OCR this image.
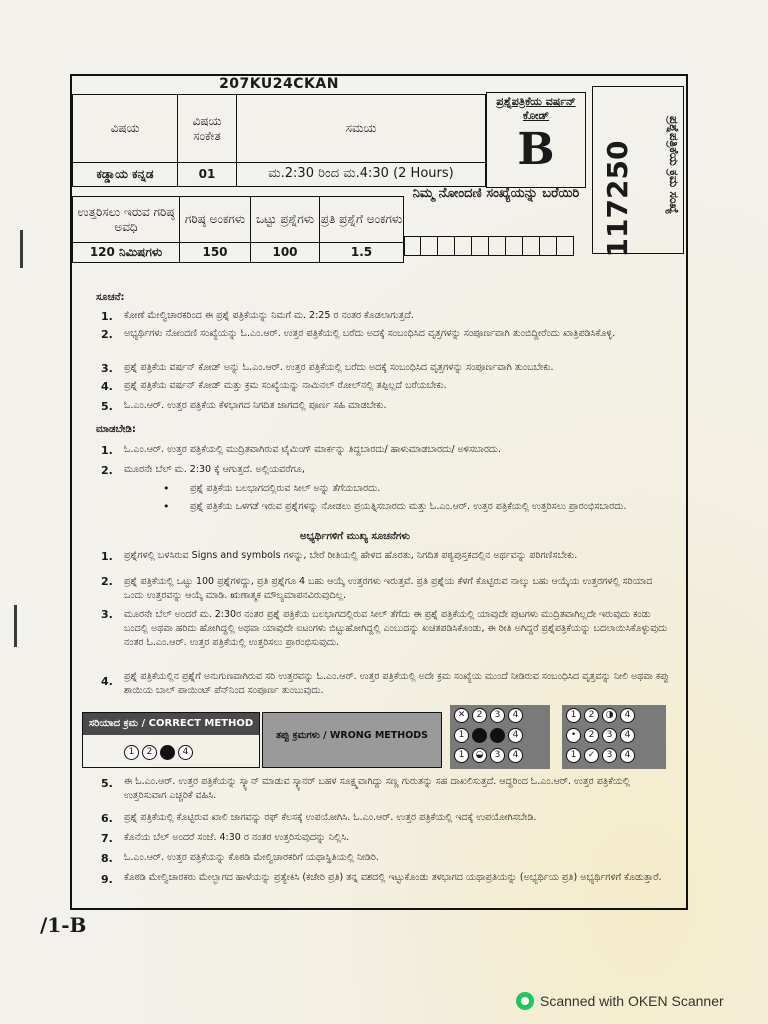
207KU24CKAN
ವಿಷಯ	ವಿಷಯ ಸಂಕೇತ	ಸಮಯ
ಕಡ್ಡಾಯ ಕನ್ನಡ	01	ಮ.2:30 ರಿಂದ ಮ.4:30 (2 Hours)
ಉತ್ತರಿಸಲು ಇರುವ ಗರಿಷ್ಠ ಅವಧಿ	ಗರಿಷ್ಠ ಅಂಕಗಳು	ಒಟ್ಟು ಪ್ರಶ್ನೆಗಳು	ಪ್ರತಿ ಪ್ರಶ್ನೆಗೆ ಅಂಕಗಳು
120 ನಿಮಿಷಗಳು	150	100	1.5
ನಿಮ್ಮ ನೋಂದಣಿ ಸಂಖ್ಯೆಯನ್ನು ಬರೆಯಿರಿ
ಪ್ರಶ್ನೆಪತ್ರಿಕೆಯ ವರ್ಷನ್ ಕೋಡ್
B	117250	ಪ್ರಶ್ನೆಪತ್ರಿಕೆಯ ಕ್ರಮ ಸಂಖ್ಯೆ
ಸೂಚನೆ:
1. ಕೋಣೆ ಮೇಲ್ವಿಚಾರಕರಿಂದ ಈ ಪ್ರಶ್ನೆ ಪತ್ರಿಕೆಯನ್ನು ನಿಮಗೆ ಮ. 2:25 ರ ನಂತರ ಕೊಡಲಾಗುತ್ತದೆ.
2. ಅಭ್ಯರ್ಥಿಗಳು ನೋಂದಣಿ ಸಂಖ್ಯೆಯನ್ನು ಓ.ಎಂ.ಆರ್. ಉತ್ತರ ಪತ್ರಿಕೆಯಲ್ಲಿ ಬರೆದು ಅದಕ್ಕೆ ಸಂಬಂಧಿಸಿದ ವೃತ್ತಗಳನ್ನು ಸಂಪೂರ್ಣವಾಗಿ ತುಂಬಿದ್ದೀರೆಂದು ಖಾತ್ರಿಪಡಿಸಿಕೊಳ್ಳಿ.
3. ಪ್ರಶ್ನೆ ಪತ್ರಿಕೆಯ ವರ್ಷನ್ ಕೋಡ್ ಅನ್ನು ಓ.ಎಂ.ಆರ್. ಉತ್ತರ ಪತ್ರಿಕೆಯಲ್ಲಿ ಬರೆದು ಅದಕ್ಕೆ ಸಂಬಂಧಿಸಿದ ವೃತ್ತಗಳನ್ನು ಸಂಪೂರ್ಣವಾಗಿ ತುಂಬಬೇಕು.
4. ಪ್ರಶ್ನೆ ಪತ್ರಿಕೆಯ ವರ್ಷನ್ ಕೋಡ್ ಮತ್ತು ಕ್ರಮ ಸಂಖ್ಯೆಯನ್ನು ನಾಮಿನಲ್ ರೋಲ್‌ನಲ್ಲಿ ತಪ್ಪಿಲ್ಲದೆ ಬರೆಯಬೇಕು.
5. ಓ.ಎಂ.ಆರ್. ಉತ್ತರ ಪತ್ರಿಕೆಯ ಕೆಳಭಾಗದ ನಿಗದಿತ ಜಾಗದಲ್ಲಿ ಪೂರ್ಣ ಸಹಿ ಮಾಡಬೇಕು.
ಮಾಡಬೇಡಿ:
1. ಓ.ಎಂ.ಆರ್. ಉತ್ತರ ಪತ್ರಿಕೆಯಲ್ಲಿ ಮುದ್ರಿತವಾಗಿರುವ ಟೈಮಿಂಗ್ ಮಾರ್ಕನ್ನು ತಿದ್ದಬಾರದು/ ಹಾಳುಮಾಡಬಾರದು/ ಅಳಿಸಬಾರದು.
2. ಮೂರನೇ ಬೆಲ್ ಮ. 2:30 ಕ್ಕೆ ಆಗುತ್ತದೆ. ಅಲ್ಲಿಯವರೆಗೂ,
• ಪ್ರಶ್ನೆ ಪತ್ರಿಕೆಯ ಬಲಭಾಗದಲ್ಲಿರುವ ಸೀಲ್ ಅನ್ನು ತೆಗೆಯಬಾರದು.
• ಪ್ರಶ್ನೆ ಪತ್ರಿಕೆಯ ಒಳಗಡೆ ಇರುವ ಪ್ರಶ್ನೆಗಳನ್ನು ನೋಡಲು ಪ್ರಯತ್ನಿಸಬಾರದು ಮತ್ತು ಓ.ಎಂ.ಆರ್. ಉತ್ತರ ಪತ್ರಿಕೆಯಲ್ಲಿ ಉತ್ತರಿಸಲು ಪ್ರಾರಂಭಿಸಬಾರದು.
ಅಭ್ಯರ್ಥಿಗಳಿಗೆ ಮುಖ್ಯ ಸೂಚನೆಗಳು
1. ಪ್ರಶ್ನೆಗಳಲ್ಲಿ ಬಳಸಿರುವ Signs and symbols ಗಳನ್ನು, ಬೇರೆ ರೀತಿಯಲ್ಲಿ ಹೇಳದ ಹೊರತು, ನಿಗದಿತ ಪಠ್ಯಪುಸ್ತಕದಲ್ಲಿನ ಅರ್ಥವನ್ನು ಪರಿಗಣಿಸಬೇಕು.
2. ಪ್ರಶ್ನೆ ಪತ್ರಿಕೆಯಲ್ಲಿ ಒಟ್ಟು 100 ಪ್ರಶ್ನೆಗಳಿದ್ದು, ಪ್ರತಿ ಪ್ರಶ್ನೆಗೂ 4 ಬಹು ಆಯ್ಕೆ ಉತ್ತರಗಳು ಇರುತ್ತವೆ. ಪ್ರತಿ ಪ್ರಶ್ನೆಯ ಕೆಳಗೆ ಕೊಟ್ಟಿರುವ ನಾಲ್ಕು ಬಹು ಆಯ್ಕೆಯ ಉತ್ತರಗಳಲ್ಲಿ ಸರಿಯಾದ ಒಂದು ಉತ್ತರವನ್ನು ಆಯ್ಕೆ ಮಾಡಿ. ಋಣಾತ್ಮಕ ಮೌಲ್ಯಮಾಪನವಿರುವುದಿಲ್ಲ.
3. ಮೂರನೇ ಬೆಲ್ ಅಂದರೆ ಮ. 2:30ರ ನಂತರ ಪ್ರಶ್ನೆ ಪತ್ರಿಕೆಯ ಬಲಭಾಗದಲ್ಲಿರುವ ಸೀಲ್ ತೆಗೆದು ಈ ಪ್ರಶ್ನೆ ಪತ್ರಿಕೆಯಲ್ಲಿ ಯಾವುದೇ ಪುಟಗಳು ಮುದ್ರಿತವಾಗಿಲ್ಲದೇ ಇರುವುದು ಕಂಡು ಬಂದಲ್ಲಿ ಅಥವಾ ಹರಿದು ಹೋಗಿದ್ದಲ್ಲಿ ಅಥವಾ ಯಾವುದೇ ಐಟಂಗಳು ಬಿಟ್ಟುಹೋಗಿದ್ದಲ್ಲಿ ಎಂಬುದನ್ನು ಖಚಿತಪಡಿಸಿಕೊಂಡು, ಈ ರೀತಿ ಅಗಿದ್ದರೆ ಪ್ರಶ್ನೆಪತ್ರಿಕೆಯನ್ನು ಬದಲಾಯಿಸಿಕೊಳ್ಳುವುದು ನಂತರ ಓ.ಎಂ.ಆರ್. ಉತ್ತರ ಪತ್ರಿಕೆಯಲ್ಲಿ ಉತ್ತರಿಸಲು ಪ್ರಾರಂಭಿಸುವುದು.
4. ಪ್ರಶ್ನೆ ಪತ್ರಿಕೆಯಲ್ಲಿನ ಪ್ರಶ್ನೆಗೆ ಅನುಗುಣವಾಗಿರುವ ಸರಿ ಉತ್ತರವನ್ನು ಓ.ಎಂ.ಆರ್. ಉತ್ತರ ಪತ್ರಿಕೆಯಲ್ಲಿ ಅದೇ ಕ್ರಮ ಸಂಖ್ಯೆಯ ಮುಂದೆ ನೀಡಿರುವ ಸಂಬಂಧಿಸಿದ ವೃತ್ತವನ್ನು ನೀಲಿ ಅಥವಾ ಕಪ್ಪು ಶಾಯಿಯ ಬಾಲ್ ಪಾಯಿಂಟ್ ಪೆನ್‌ನಿಂದ ಸಂಪೂರ್ಣ ತುಂಬುವುದು.
ಸರಿಯಾದ ಕ್ರಮ / CORRECT METHOD
1	2	4
ತಪ್ಪು ಕ್ರಮಗಳು / WRONG METHODS
✕	2	3	4
1	4
1	◒	3	4
1	2	◑	4
•	2	3	4
1	✓	3	4
5. ಈ ಓ.ಎಂ.ಆರ್. ಉತ್ತರ ಪತ್ರಿಕೆಯನ್ನು ಸ್ಕ್ಯಾನ್ ಮಾಡುವ ಸ್ಕ್ಯಾನರ್ ಬಹಳ ಸೂಕ್ಷ್ಮವಾಗಿದ್ದು ಸಣ್ಣ ಗುರುತನ್ನು ಸಹ ದಾಖಲಿಸುತ್ತದೆ. ಆದ್ದರಿಂದ ಓ.ಎಂ.ಆರ್. ಉತ್ತರ ಪತ್ರಿಕೆಯಲ್ಲಿ ಉತ್ತರಿಸುವಾಗ ಎಚ್ಚರಿಕೆ ವಹಿಸಿ.
6. ಪ್ರಶ್ನೆ ಪತ್ರಿಕೆಯಲ್ಲಿ ಕೊಟ್ಟಿರುವ ಖಾಲಿ ಜಾಗವನ್ನು ರಫ್ ಕೆಲಸಕ್ಕೆ ಉಪಯೋಗಿಸಿ. ಓ.ಎಂ.ಆರ್. ಉತ್ತರ ಪತ್ರಿಕೆಯಲ್ಲಿ ಇದಕ್ಕೆ ಉಪಯೋಗಿಸಬೇಡಿ.
7. ಕೊನೆಯ ಬೆಲ್ ಅಂದರೆ ಸಂಜೆ. 4:30 ರ ನಂತರ ಉತ್ತರಿಸುವುದನ್ನು ನಿಲ್ಲಿಸಿ.
8. ಓ.ಎಂ.ಆರ್. ಉತ್ತರ ಪತ್ರಿಕೆಯನ್ನು ಕೊಠಡಿ ಮೇಲ್ವಿಚಾರಕರಿಗೆ ಯಥಾಸ್ಥಿತಿಯಲ್ಲಿ ನೀಡಿರಿ.
9. ಕೊಠಡಿ ಮೇಲ್ವಿಚಾರಕರು ಮೇಲ್ಭಾಗದ ಹಾಳೆಯನ್ನು ಪ್ರತ್ಯೇಕಿಸಿ (ಕಚೇರಿ ಪ್ರತಿ) ತನ್ನ ವಶದಲ್ಲಿ ಇಟ್ಟುಕೊಂಡು ತಳಭಾಗದ ಯಥಾಪ್ರತಿಯನ್ನು (ಅಭ್ಯರ್ಥಿಯ ಪ್ರತಿ) ಅಭ್ಯರ್ಥಿಗಳಿಗೆ ಕೊಡುತ್ತಾರೆ.
/1-B
Scanned with OKEN Scanner
